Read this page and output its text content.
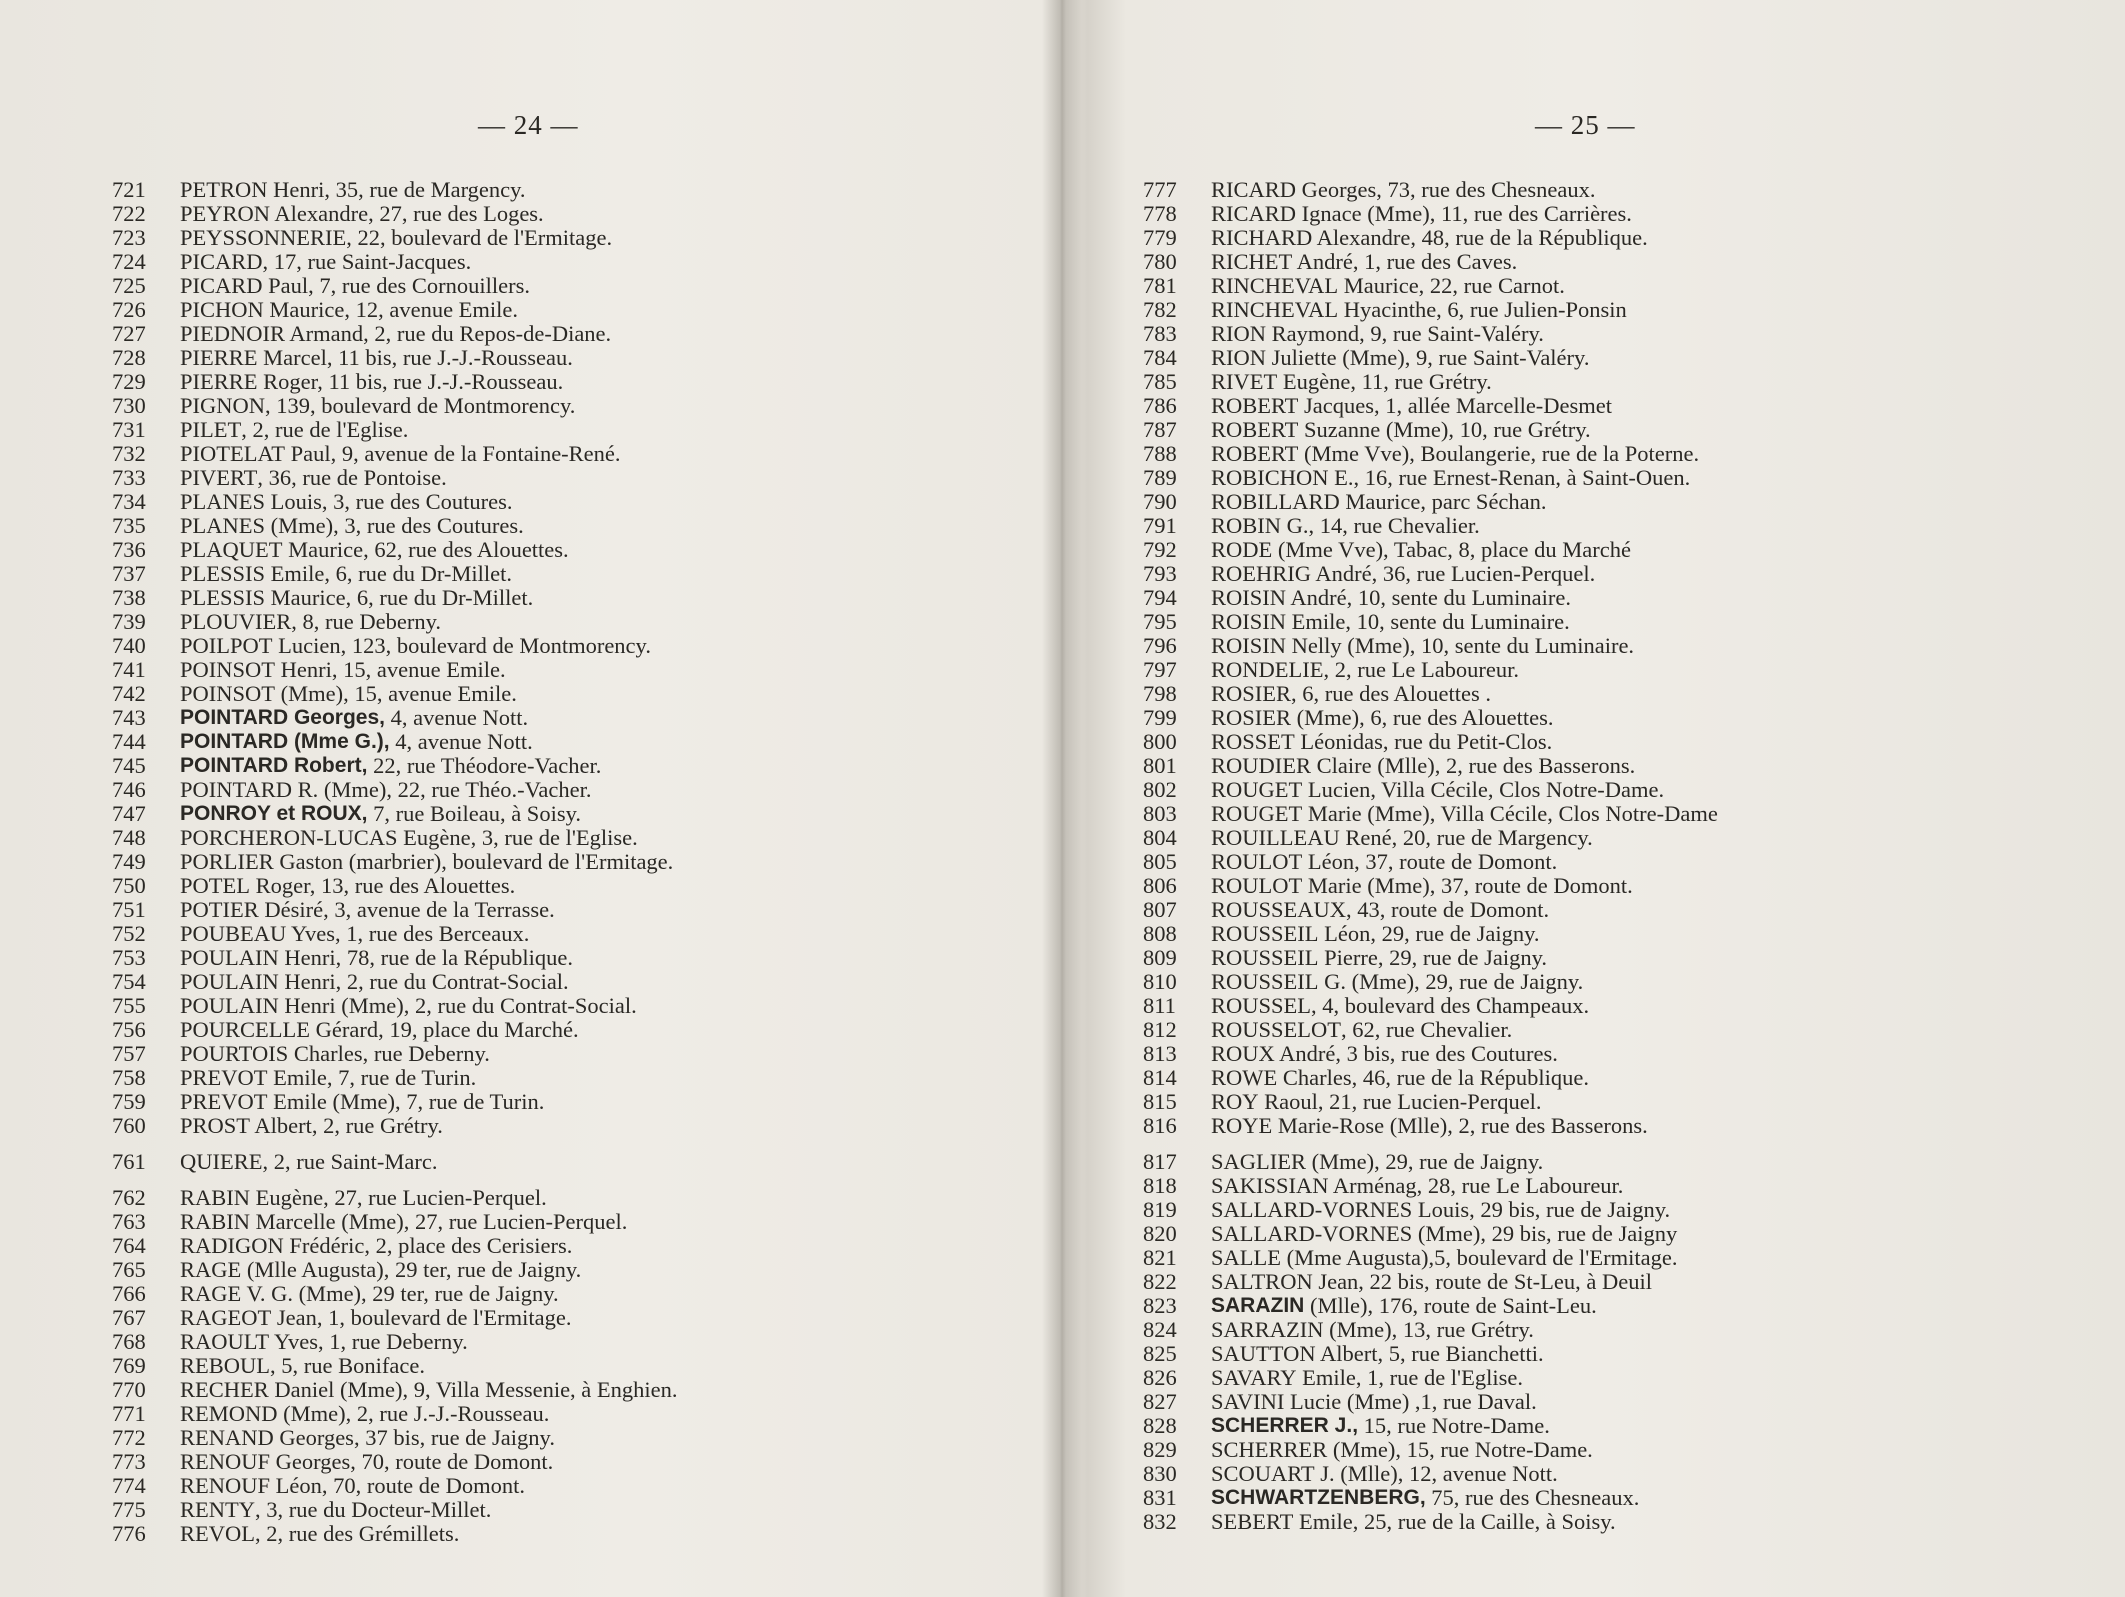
— 24 —
721	PETRON Henri, 35, rue de Margency.
722	PEYRON Alexandre, 27, rue des Loges.
723	PEYSSONNERIE , 22, boulevard de l'Ermitage.
724	PICARD , 17, rue Saint-Jacques.
725	PICARD Paul, 7, rue des Cornouillers.
726	PICHON Maurice, 12, avenue Emile.
727	PIEDNOIR Armand, 2, rue du Repos-de-Diane.
728	PIERRE Marcel, 11 bis, rue J.-J.-Rousseau.
729	PIERRE Roger, 11 bis, rue J.-J.-Rousseau.
730	PIGNON , 139, boulevard de Montmorency.
731	PILET , 2, rue de l'Eglise.
732	PIOTELAT Paul, 9, avenue de la Fontaine-René.
733	PIVERT , 36, rue de Pontoise.
734	PLANES Louis, 3, rue des Coutures.
735	PLANES (Mme), 3, rue des Coutures.
736	PLAQUET Maurice, 62, rue des Alouettes.
737	PLESSIS Emile, 6, rue du Dr-Millet.
738	PLESSIS Maurice, 6, rue du Dr-Millet.
739	PLOUVIER , 8, rue Deberny.
740	POILPOT Lucien, 123, boulevard de Montmorency.
741	POINSOT Henri, 15, avenue Emile.
742	POINSOT (Mme), 15, avenue Emile.
743	POINTARD Georges, 4, avenue Nott.
744	POINTARD (Mme G.), 4, avenue Nott.
745	POINTARD Robert, 22, rue Théodore-Vacher.
746	POINTARD R. (Mme), 22, rue Théo.-Vacher.
747	PONROY et ROUX, 7, rue Boileau, à Soisy.
748	PORCHERON-LUCAS Eugène, 3, rue de l'Eglise.
749	PORLIER Gaston (marbrier), boulevard de l'Ermitage.
750	POTEL Roger, 13, rue des Alouettes.
751	POTIER Désiré, 3, avenue de la Terrasse.
752	POUBEAU Yves, 1, rue des Berceaux.
753	POULAIN Henri, 78, rue de la République.
754	POULAIN Henri, 2, rue du Contrat-Social.
755	POULAIN Henri (Mme), 2, rue du Contrat-Social.
756	POURCELLE Gérard, 19, place du Marché.
757	POURTOIS Charles, rue Deberny.
758	PREVOT Emile, 7, rue de Turin.
759	PREVOT Emile (Mme), 7, rue de Turin.
760	PROST Albert, 2, rue Grétry.
761	QUIERE , 2, rue Saint-Marc.
762	RABIN Eugène, 27, rue Lucien-Perquel.
763	RABIN Marcelle (Mme), 27, rue Lucien-Perquel.
764	RADIGON Frédéric, 2, place des Cerisiers.
765	RAGE (Mlle Augusta), 29 ter, rue de Jaigny.
766	RAGE V. G. (Mme), 29 ter, rue de Jaigny.
767	RAGEOT Jean, 1, boulevard de l'Ermitage.
768	RAOULT Yves, 1, rue Deberny.
769	REBOUL , 5, rue Boniface.
770	RECHER Daniel (Mme), 9, Villa Messenie, à Enghien.
771	REMOND (Mme), 2, rue J.-J.-Rousseau.
772	RENAND Georges, 37 bis, rue de Jaigny.
773	RENOUF Georges, 70, route de Domont.
774	RENOUF Léon, 70, route de Domont.
775	RENTY , 3, rue du Docteur-Millet.
776	REVOL , 2, rue des Grémillets.
— 25 —
777	RICARD Georges, 73, rue des Chesneaux.
778	RICARD Ignace (Mme), 11, rue des Carrières.
779	RICHARD Alexandre, 48, rue de la République.
780	RICHET André, 1, rue des Caves.
781	RINCHEVAL Maurice, 22, rue Carnot.
782	RINCHEVAL Hyacinthe, 6, rue Julien-Ponsin
783	RION Raymond, 9, rue Saint-Valéry.
784	RION Juliette (Mme), 9, rue Saint-Valéry.
785	RIVET Eugène, 11, rue Grétry.
786	ROBERT Jacques, 1, allée Marcelle-Desmet
787	ROBERT Suzanne (Mme), 10, rue Grétry.
788	ROBERT (Mme Vve), Boulangerie, rue de la Poterne.
789	ROBICHON E., 16, rue Ernest-Renan, à Saint-Ouen.
790	ROBILLARD Maurice, parc Séchan.
791	ROBIN G., 14, rue Chevalier.
792	RODE (Mme Vve), Tabac, 8, place du Marché
793	ROEHRIG André, 36, rue Lucien-Perquel.
794	ROISIN André, 10, sente du Luminaire.
795	ROISIN Emile, 10, sente du Luminaire.
796	ROISIN Nelly (Mme), 10, sente du Luminaire.
797	RONDELIE , 2, rue Le Laboureur.
798	ROSIER , 6, rue des Alouettes .
799	ROSIER (Mme), 6, rue des Alouettes.
800	ROSSET Léonidas, rue du Petit-Clos.
801	ROUDIER Claire (Mlle), 2, rue des Basserons.
802	ROUGET Lucien, Villa Cécile, Clos Notre-Dame.
803	ROUGET Marie (Mme), Villa Cécile, Clos Notre-Dame
804	ROUILLEAU René, 20, rue de Margency.
805	ROULOT Léon, 37, route de Domont.
806	ROULOT Marie (Mme), 37, route de Domont.
807	ROUSSEAUX , 43, route de Domont.
808	ROUSSEIL Léon, 29, rue de Jaigny.
809	ROUSSEIL Pierre, 29, rue de Jaigny.
810	ROUSSEIL G. (Mme), 29, rue de Jaigny.
811	ROUSSEL , 4, boulevard des Champeaux.
812	ROUSSELOT , 62, rue Chevalier.
813	ROUX André, 3 bis, rue des Coutures.
814	ROWE Charles, 46, rue de la République.
815	ROY Raoul, 21, rue Lucien-Perquel.
816	ROYE Marie-Rose (Mlle), 2, rue des Basserons.
817	SAGLIER (Mme), 29, rue de Jaigny.
818	SAKISSIAN Arménag, 28, rue Le Laboureur.
819	SALLARD-VORNES Louis, 29 bis, rue de Jaigny.
820	SALLARD-VORNES (Mme), 29 bis, rue de Jaigny
821	SALLE (Mme Augusta),5, boulevard de l'Ermitage.
822	SALTRON Jean, 22 bis, route de St-Leu, à Deuil
823	SARAZIN (Mlle), 176, route de Saint-Leu.
824	SARRAZIN (Mme), 13, rue Grétry.
825	SAUTTON Albert, 5, rue Bianchetti.
826	SAVARY Emile, 1, rue de l'Eglise.
827	SAVINI Lucie (Mme) ,1, rue Daval.
828	SCHERRER J., 15, rue Notre-Dame.
829	SCHERRER (Mme), 15, rue Notre-Dame.
830	SCOUART J. (Mlle), 12, avenue Nott.
831	SCHWARTZENBERG, 75, rue des Chesneaux.
832	SEBERT Emile, 25, rue de la Caille, à Soisy.
